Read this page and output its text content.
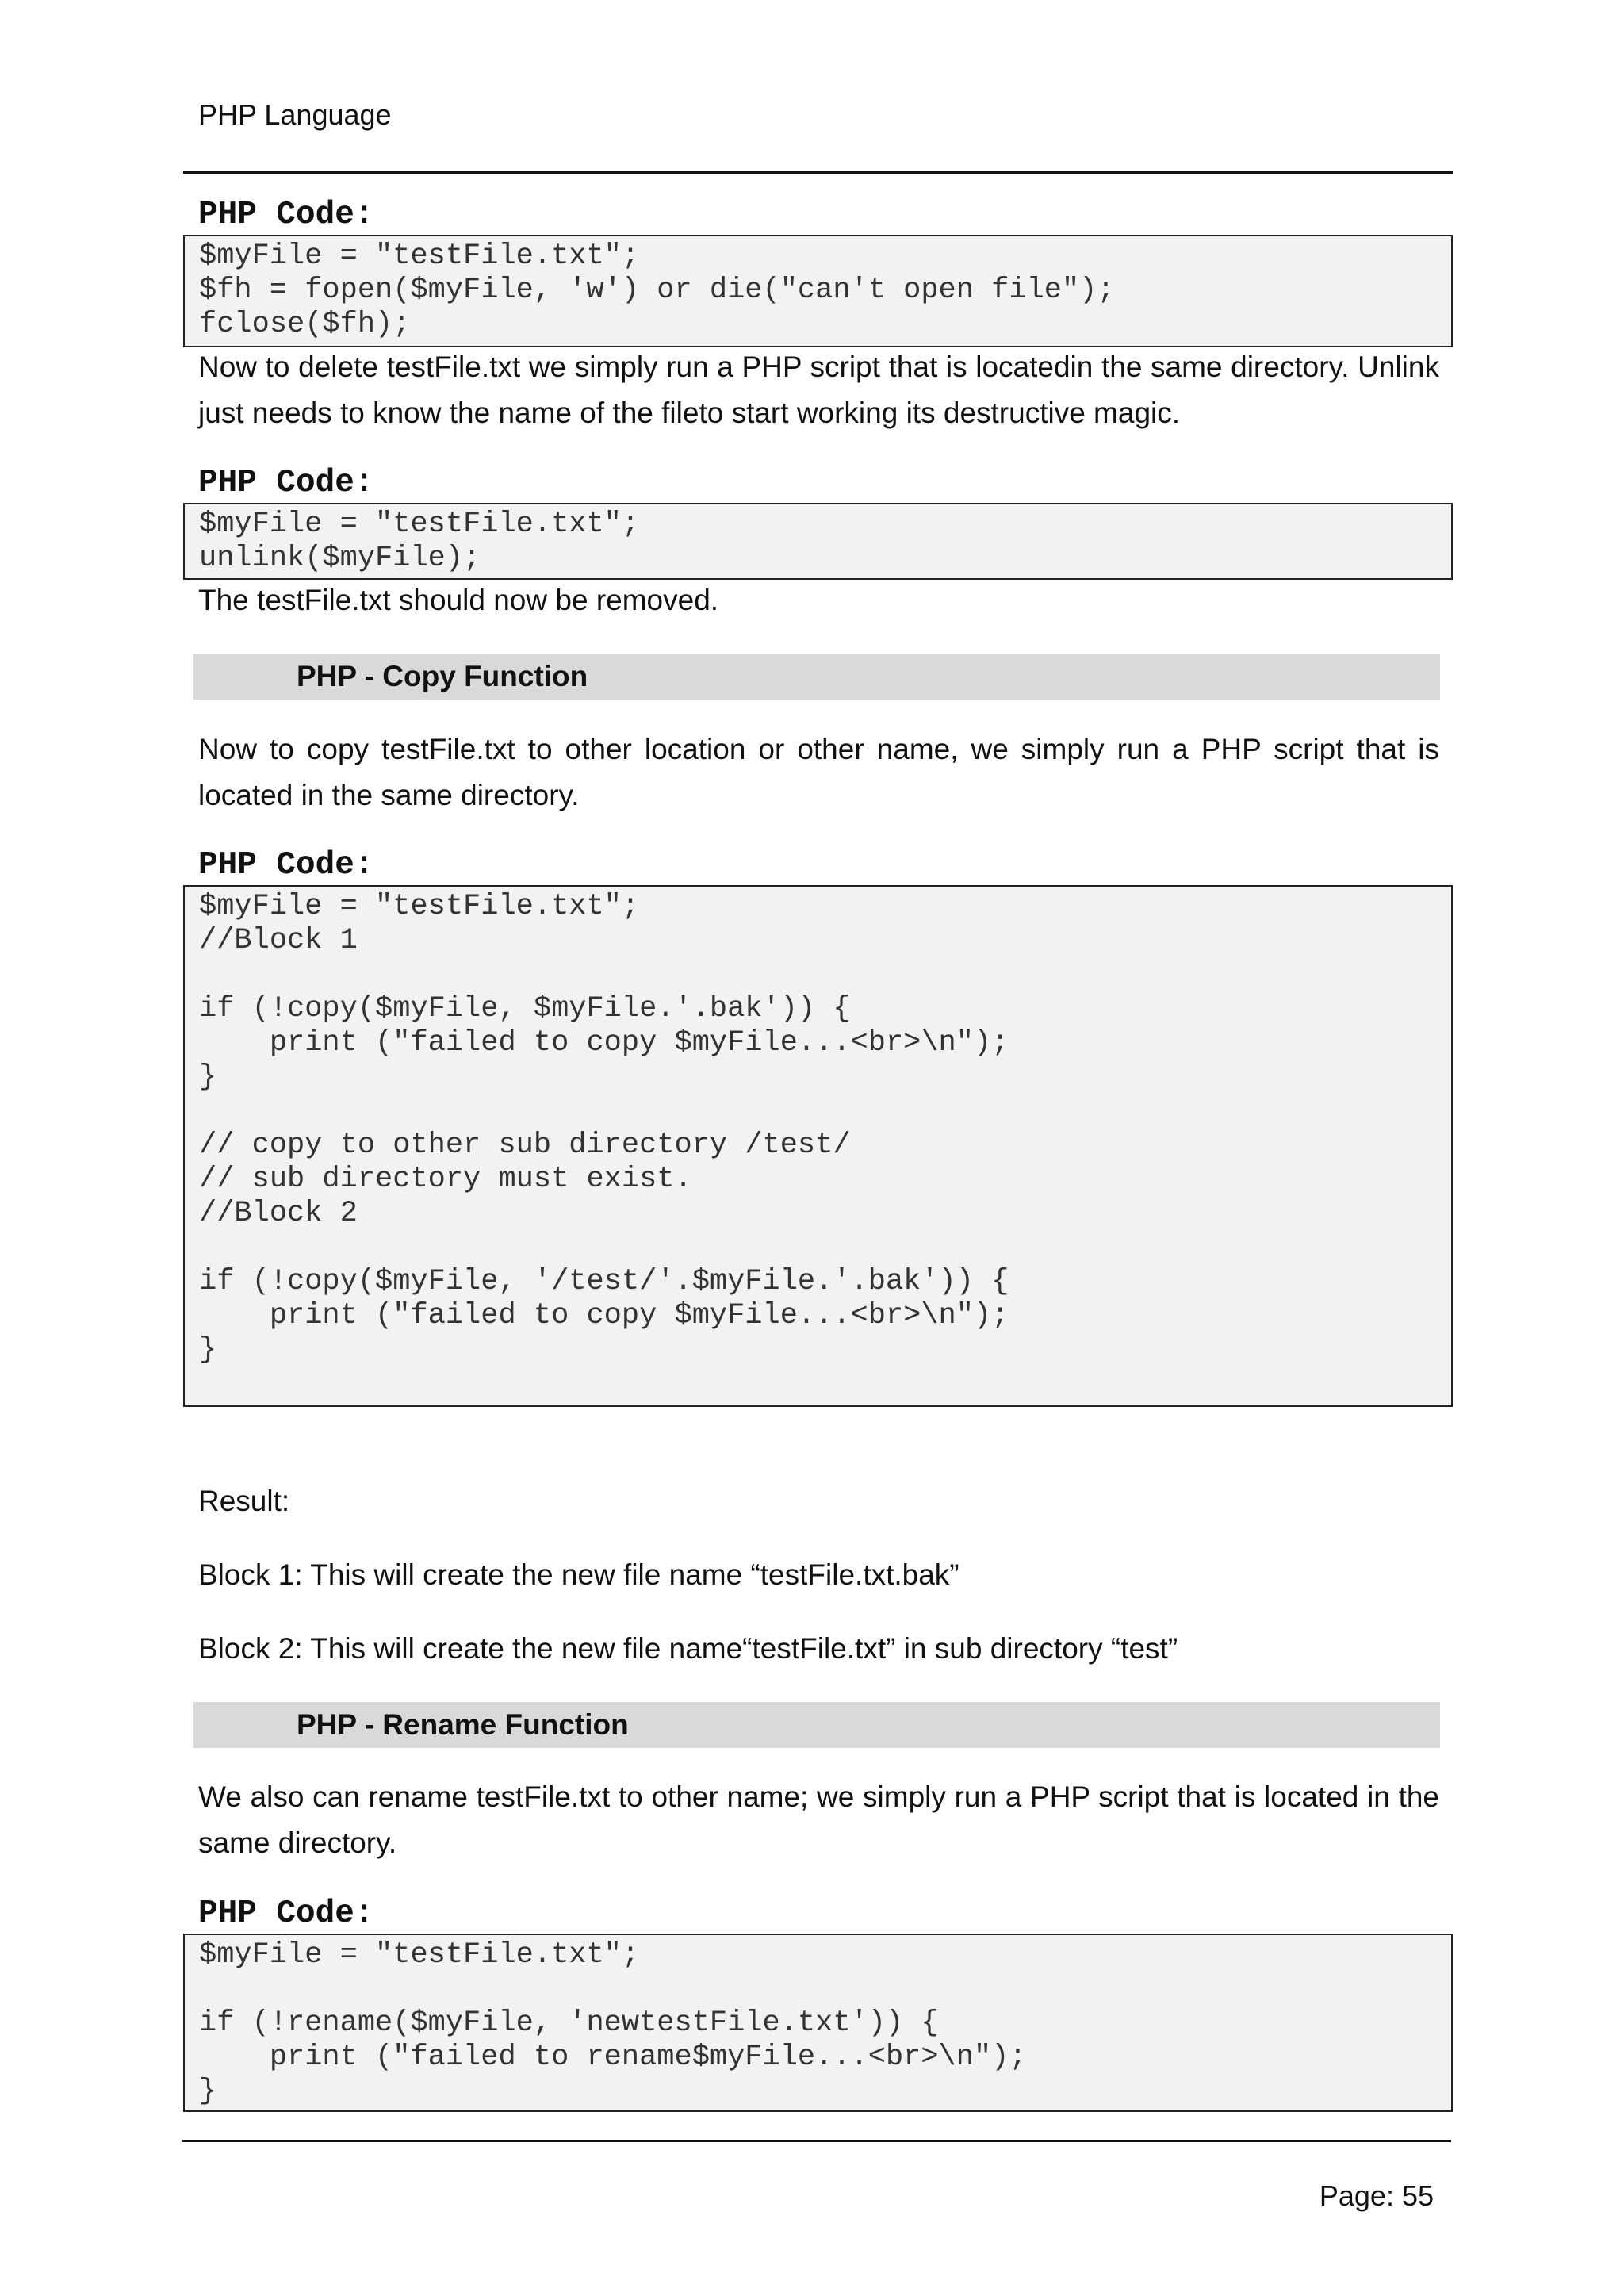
PHP Language
PHP Code:
$myFile = "testFile.txt";
$fh = fopen($myFile, 'w') or die("can't open file");
fclose($fh);
Now to delete testFile.txt we simply run a PHP script that is locatedin the same directory. Unlink just needs to know the name of the fileto start working its destructive magic.
PHP Code:
$myFile = "testFile.txt";
unlink($myFile);
The testFile.txt should now be removed.
PHP - Copy Function
Now to copy testFile.txt to other location or other name, we simply run a PHP script that is located in the same directory.
PHP Code:
$myFile = "testFile.txt";
//Block 1
if (!copy($myFile, $myFile.'.bak')) {
print ("failed to copy $myFile...<br>\n");
}
// copy to other sub directory /test/
// sub directory must exist.
//Block 2
if (!copy($myFile, '/test/'.$myFile.'.bak')) {
print ("failed to copy $myFile...<br>\n");
}
Result:
Block 1: This will create the new file name “testFile.txt.bak”
Block 2: This will create the new file name“testFile.txt” in sub directory “test”
PHP - Rename Function
We also can rename testFile.txt to other name; we simply run a PHP script that is located in the same directory.
PHP Code:
$myFile = "testFile.txt";
if (!rename($myFile, 'newtestFile.txt')) {
print ("failed to rename$myFile...<br>\n");
}
Page: 55
